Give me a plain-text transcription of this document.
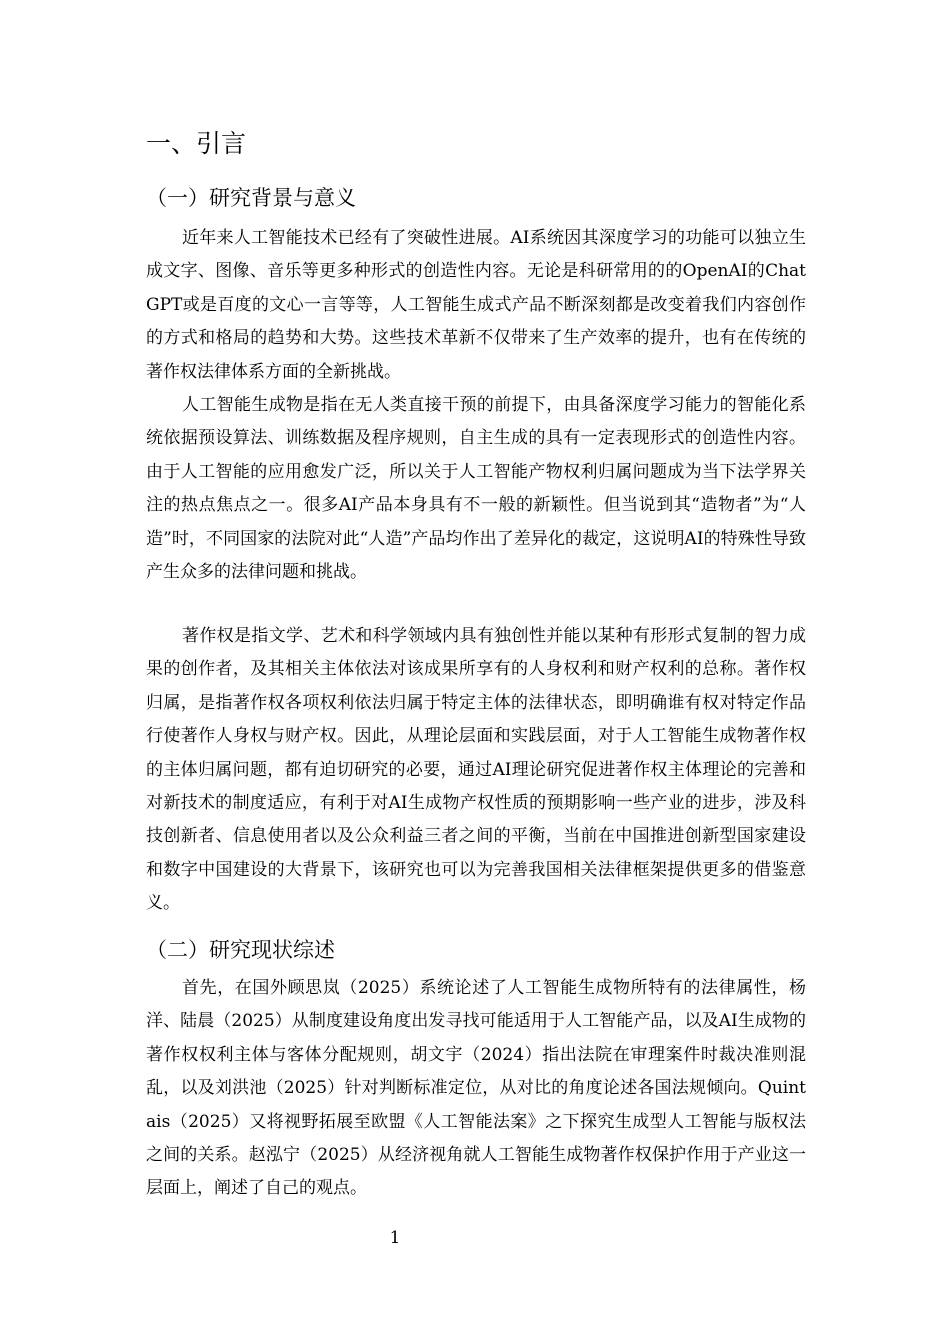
一、引言
（一）研究背景与意义

近年来人工智能技术已经有了突破性进展。AI系统因其深度学习的功能可以独立生成文字、图像、音乐等更多种形式的创造性内容。无论是科研常用的的OpenAI的ChatGPT或是百度的文心一言等等，人工智能生成式产品不断深刻都是改变着我们内容创作的方式和格局的趋势和大势。这些技术革新不仅带来了生产效率的提升，也有在传统的著作权法律体系方面的全新挑战。

人工智能生成物是指在无人类直接干预的前提下，由具备深度学习能力的智能化系统依据预设算法、训练数据及程序规则，自主生成的具有一定表现形式的创造性内容。由于人工智能的应用愈发广泛，所以关于人工智能产物权利归属问题成为当下法学界关注的热点焦点之一。很多AI产品本身具有不一般的新颖性。但当说到其“造物者”为“人造”时，不同国家的法院对此“人造”产品均作出了差异化的裁定，这说明AI的特殊性导致产生众多的法律问题和挑战。

著作权是指文学、艺术和科学领域内具有独创性并能以某种有形形式复制的智力成果的创作者，及其相关主体依法对该成果所享有的人身权利和财产权利的总称。著作权归属，是指著作权各项权利依法归属于特定主体的法律状态，即明确谁有权对特定作品行使著作人身权与财产权。因此，从理论层面和实践层面，对于人工智能生成物著作权的主体归属问题，都有迫切研究的必要，通过AI理论研究促进著作权主体理论的完善和对新技术的制度适应，有利于对AI生成物产权性质的预期影响一些产业的进步，涉及科技创新者、信息使用者以及公众利益三者之间的平衡，当前在中国推进创新型国家建设和数字中国建设的大背景下，该研究也可以为完善我国相关法律框架提供更多的借鉴意义。

（二）研究现状综述

首先，在国外顾思岚（2025）系统论述了人工智能生成物所特有的法律属性，杨洋、陆晨（2025）从制度建设角度出发寻找可能适用于人工智能产品，以及AI生成物的著作权权利主体与客体分配规则，胡文宇（2024）指出法院在审理案件时裁决准则混乱，以及刘洪池（2025）针对判断标准定位，从对比的角度论述各国法规倾向。Quintais（2025）又将视野拓展至欧盟《人工智能法案》之下探究生成型人工智能与版权法之间的关系。赵泓宁（2025）从经济视角就人工智能生成物著作权保护作用于产业这一层面上，阐述了自己的观点。

1
